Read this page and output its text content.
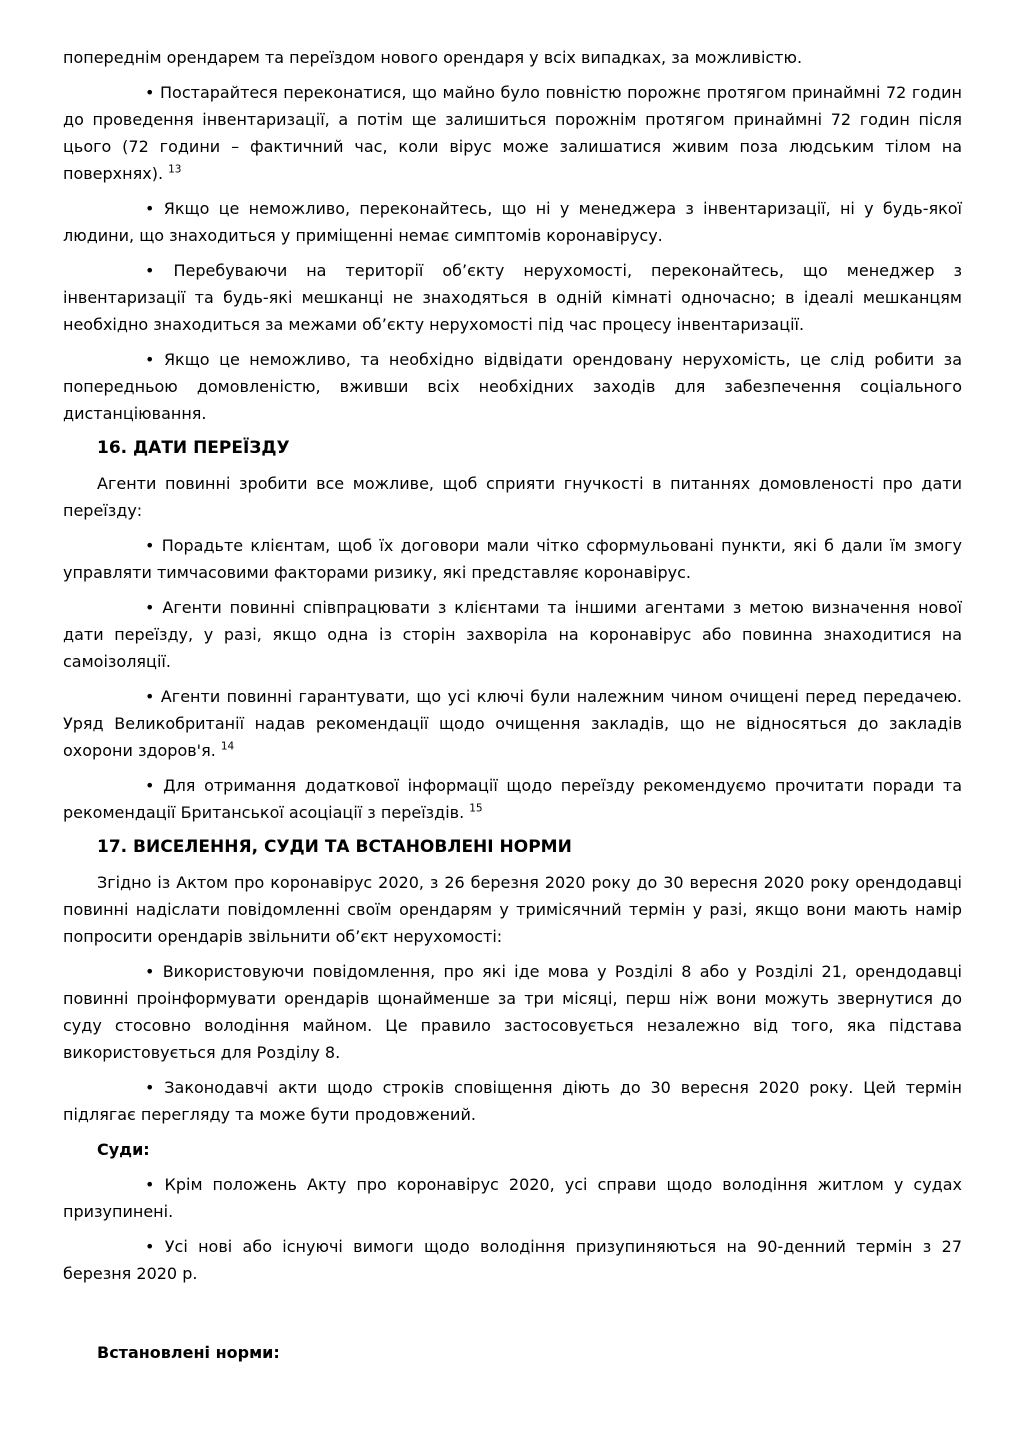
попереднім орендарем та переїздом нового орендаря у всіх випадках, за можливістю.

• Постарайтеся переконатися, що майно було повністю порожнє протягом принаймні 72 годин до проведення інвентаризації, а потім ще залишиться порожнім протягом принаймні 72 годин після цього (72 години – фактичний час, коли вірус може залишатися живим поза людським тілом на поверхнях). $^{13}$

• Якщо це неможливо, переконайтесь, що ні у менеджера з інвентаризації, ні у будь-якої людини, що знаходиться у приміщенні немає симптомів коронавірусу.

• Перебуваючи на території об’єкту нерухомості, переконайтесь, що менеджер з інвентаризації та будь-які мешканці не знаходяться в одній кімнаті одночасно; в ідеалі мешканцям необхідно знаходиться за межами об’єкту нерухомості під час процесу інвентаризації.

• Якщо це неможливо, та необхідно відвідати орендовану нерухомість, це слід робити за попередньою домовленістю, вживши всіх необхідних заходів для забезпечення соціального дистанціювання.

16. ДАТИ ПЕРЕЇЗДУ

Агенти повинні зробити все можливе, щоб сприяти гнучкості в питаннях домовленості про дати переїзду:

• Порадьте клієнтам, щоб їх договори мали чітко сформульовані пункти, які б дали їм змогу управляти тимчасовими факторами ризику, які представляє коронавірус.

• Агенти повинні співпрацювати з клієнтами та іншими агентами з метою визначення нової дати переїзду, у разі, якщо одна із сторін захворіла на коронавірус або повинна знаходитися на самоізоляції.

• Агенти повинні гарантувати, що усі ключі були належним чином очищені перед передачею. Уряд Великобританії надав рекомендації щодо очищення закладів, що не відносяться до закладів охорони здоров'я. $^{14}$

• Для отримання додаткової інформації щодо переїзду рекомендуємо прочитати поради та рекомендації Британської асоціації з переїздів. $^{15}$

17. ВИСЕЛЕННЯ, СУДИ ТА ВСТАНОВЛЕНІ НОРМИ

Згідно із Актом про коронавірус 2020, з 26 березня 2020 року до 30 вересня 2020 року орендодавці повинні надіслати повідомленні своїм орендарям у тримісячний термін у разі, якщо вони мають намір попросити орендарів звільнити об’єкт нерухомості:

• Використовуючи повідомлення, про які іде мова у Розділі 8 або у Розділі 21, орендодавці повинні проінформувати орендарів щонайменше за три місяці, перш ніж вони можуть звернутися до суду стосовно володіння майном. Це правило застосовується незалежно від того, яка підстава використовується для Розділу 8.

• Законодавчі акти щодо строків сповіщення діють до 30 вересня 2020 року. Цей термін підлягає перегляду та може бути продовжений.

Суди:

• Крім положень Акту про коронавірус 2020, усі справи щодо володіння житлом у судах призупинені.

• Усі нові або існуючі вимоги щодо володіння призупиняються на 90-денний термін з 27 березня 2020 р.

Встановлені норми:
